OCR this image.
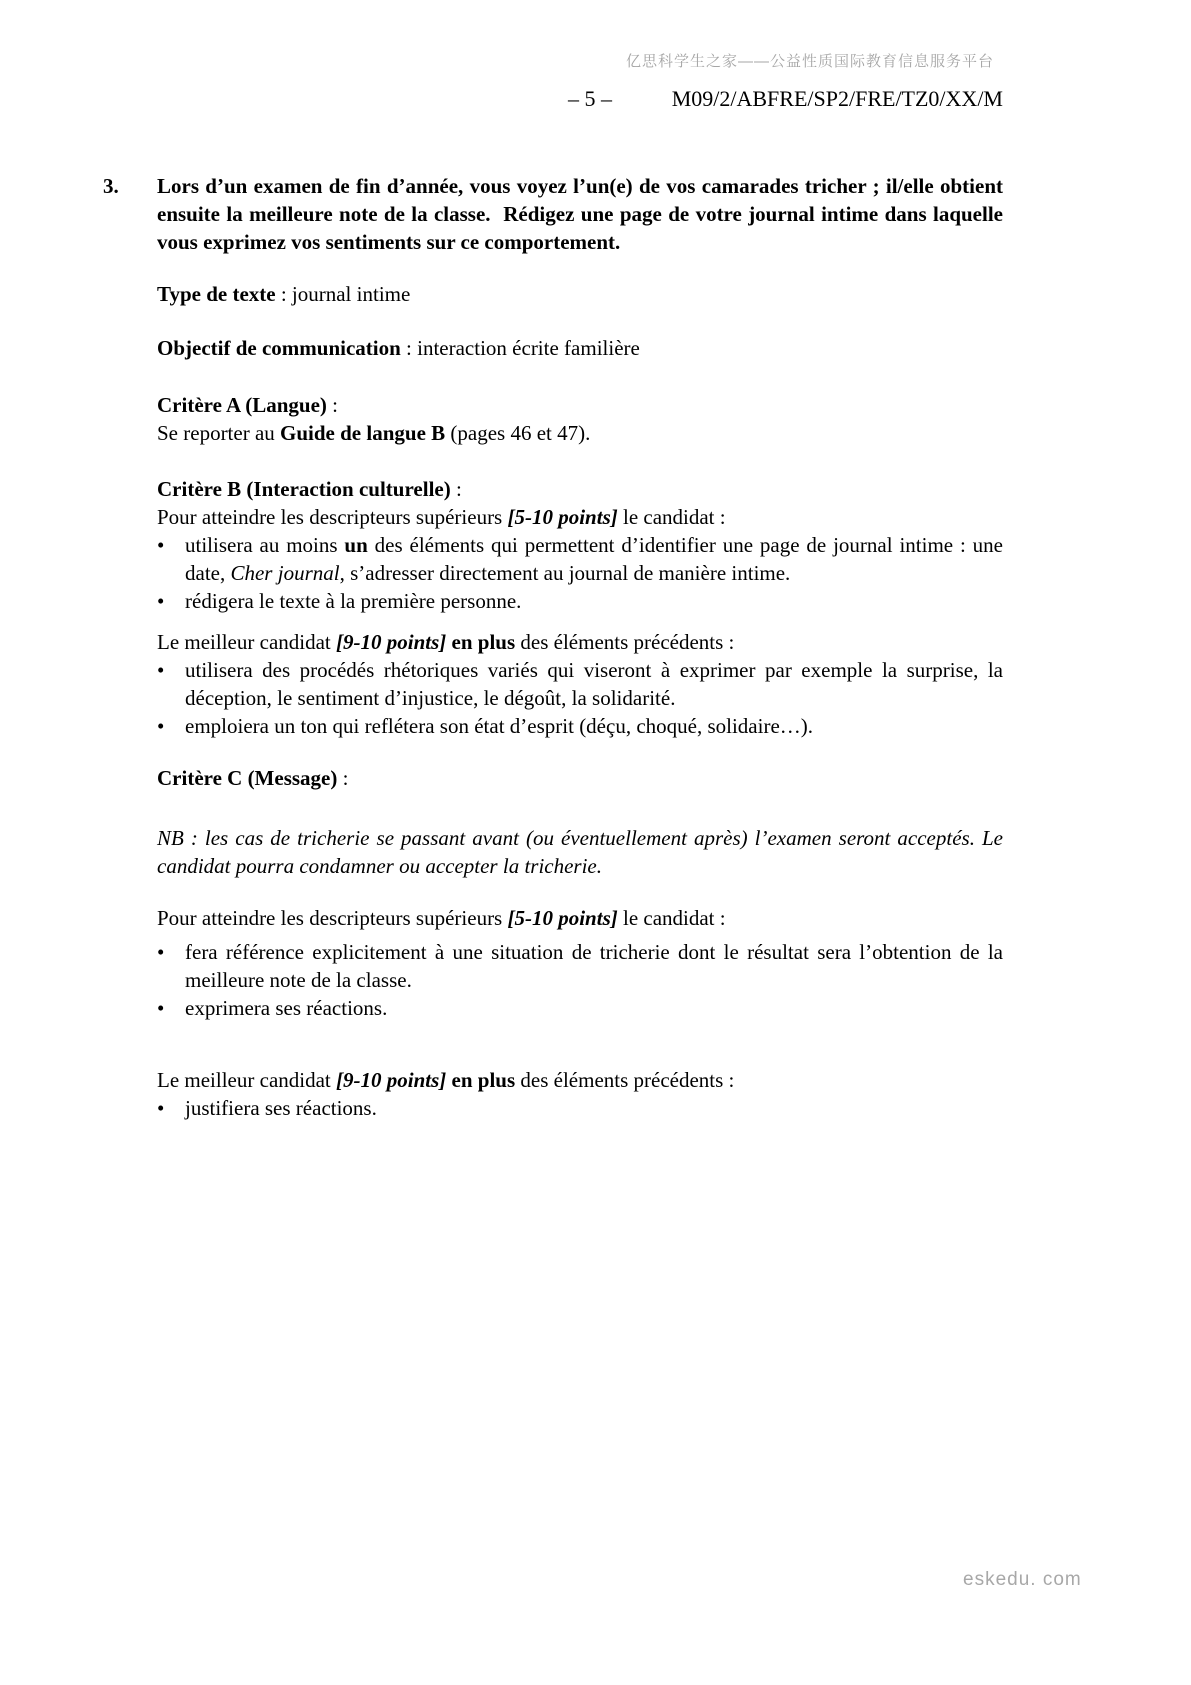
亿思科学生之家——公益性质国际教育信息服务平台
– 5 –	M09/2/ABFRE/SP2/FRE/TZ0/XX/M
3.	Lors d’un examen de fin d’année, vous voyez l’un(e) de vos camarades tricher ; il/elle obtient ensuite la meilleure note de la classe.  Rédigez une page de votre journal intime dans laquelle vous exprimez vos sentiments sur ce comportement.
Type de texte : journal intime
Objectif de communication : interaction écrite familière
Critère A (Langue) :
Se reporter au Guide de langue B (pages 46 et 47).
Critère B (Interaction culturelle) :
Pour atteindre les descripteurs supérieurs [5-10 points] le candidat :
• utilisera au moins un des éléments qui permettent d’identifier une page de journal intime : une date, Cher journal, s’adresser directement au journal de manière intime.
• rédigera le texte à la première personne.
Le meilleur candidat [9-10 points] en plus des éléments précédents :
• utilisera des procédés rhétoriques variés qui viseront à exprimer par exemple la surprise, la déception, le sentiment d’injustice, le dégoût, la solidarité.
• emploiera un ton qui reflétera son état d’esprit (déçu, choqué, solidaire…).
Critère C (Message) :
NB : les cas de tricherie se passant avant (ou éventuellement après) l’examen seront acceptés. Le candidat pourra condamner ou accepter la tricherie.
Pour atteindre les descripteurs supérieurs [5-10 points] le candidat :
• fera référence explicitement à une situation de tricherie dont le résultat sera l’obtention de la meilleure note de la classe.
• exprimera ses réactions.
Le meilleur candidat [9-10 points] en plus des éléments précédents :
• justifiera ses réactions.
eskedu. com
